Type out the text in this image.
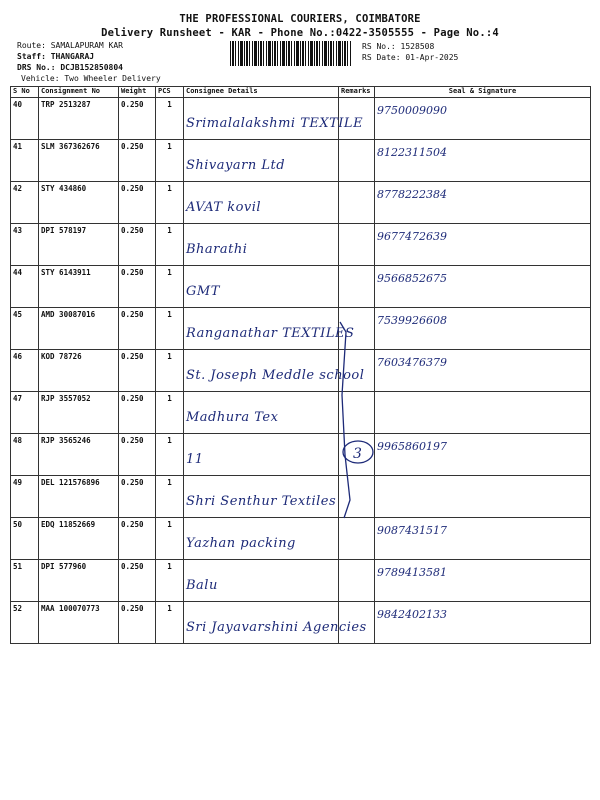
THE PROFESSIONAL COURIERS, COIMBATORE
Delivery Runsheet - KAR - Phone No.:0422-3505555 - Page No.:4
Route: SAMALAPURAM KAR
Staff: THANGARAJ
DRS No.: DCJB152850804
Vehicle: Two Wheeler Delivery
RS No.: 1528508
RS Date: 01-Apr-2025
S No	Consignment No	Weight	PCS	Consignee Details	Remarks	Seal & Signature
40	TRP 2513287	0.250	1	Srimalalakshmi TEXTILE		9750009090

41	SLM 367362676	0.250	1	Shivayarn Ltd		8122311504

42	STY 434860	0.250	1	AVAT kovil		8778222384

43	DPI 578197	0.250	1	Bharathi		9677472639

44	STY 6143911	0.250	1	GMT		9566852675

45	AMD 30087016	0.250	1	Ranganathar TEXTILES		7539926608

46	KOD 78726	0.250	1	St. Joseph Meddle school		7603476379

47	RJP 3557052	0.250	1	Madhura Tex		

48	RJP 3565246	0.250	1	11		9965860197

49	DEL 121576896	0.250	1	Shri Senthur Textiles		

50	EDQ 11852669	0.250	1	Yazhan packing		9087431517

51	DPI 577960	0.250	1	Balu		9789413581

52	MAA 100070773	0.250	1	Sri Jayavarshini Agencies		9842402133
3
